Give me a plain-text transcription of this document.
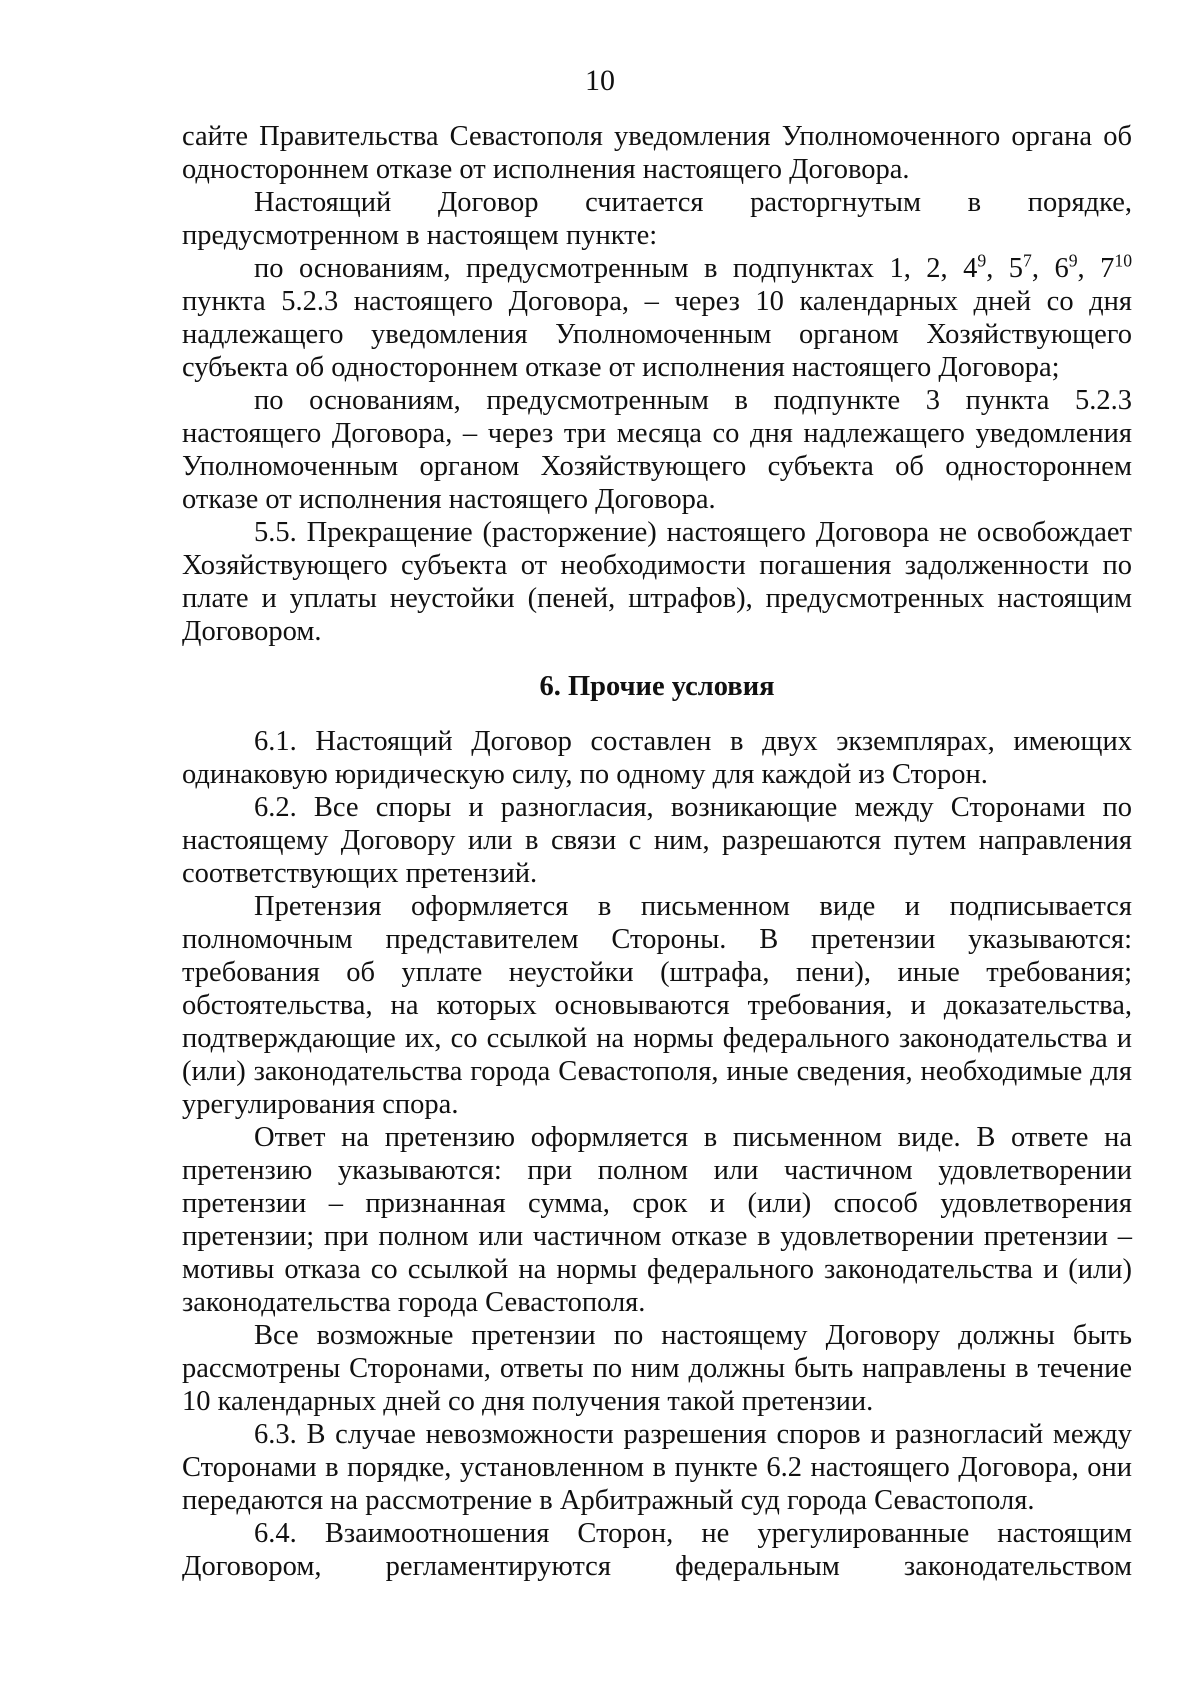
10

сайте Правительства Севастополя уведомления Уполномоченного органа об одностороннем отказе от исполнения настоящего Договора.

Настоящий Договор считается расторгнутым в порядке, предусмотренном в настоящем пункте:

по основаниям, предусмотренным в подпунктах 1, 2, $4^9$, $5^7$, $6^9$, $7^{10}$ пункта 5.2.3 настоящего Договора, – через 10 календарных дней со дня надлежащего уведомления Уполномоченным органом Хозяйствующего субъекта об одностороннем отказе от исполнения настоящего Договора;

по основаниям, предусмотренным в подпункте 3 пункта 5.2.3 настоящего Договора, – через три месяца со дня надлежащего уведомления Уполномоченным органом Хозяйствующего субъекта об одностороннем отказе от исполнения настоящего Договора.

5.5. Прекращение (расторжение) настоящего Договора не освобождает Хозяйствующего субъекта от необходимости погашения задолженности по плате и уплаты неустойки (пеней, штрафов), предусмотренных настоящим Договором.

6. Прочие условия

6.1. Настоящий Договор составлен в двух экземплярах, имеющих одинаковую юридическую силу, по одному для каждой из Сторон.

6.2. Все споры и разногласия, возникающие между Сторонами по настоящему Договору или в связи с ним, разрешаются путем направления соответствующих претензий.

Претензия оформляется в письменном виде и подписывается полномочным представителем Стороны. В претензии указываются: требования об уплате неустойки (штрафа, пени), иные требования; обстоятельства, на которых основываются требования, и доказательства, подтверждающие их, со ссылкой на нормы федерального законодательства и (или) законодательства города Севастополя, иные сведения, необходимые для урегулирования спора.

Ответ на претензию оформляется в письменном виде. В ответе на претензию указываются: при полном или частичном удовлетворении претензии – признанная сумма, срок и (или) способ удовлетворения претензии; при полном или частичном отказе в удовлетворении претензии – мотивы отказа со ссылкой на нормы федерального законодательства и (или) законодательства города Севастополя.

Все возможные претензии по настоящему Договору должны быть рассмотрены Сторонами, ответы по ним должны быть направлены в течение 10 календарных дней со дня получения такой претензии.

6.3. В случае невозможности разрешения споров и разногласий между Сторонами в порядке, установленном в пункте 6.2 настоящего Договора, они передаются на рассмотрение в Арбитражный суд города Севастополя.

6.4. Взаимоотношения Сторон, не урегулированные настоящим Договором, регламентируются федеральным законодательством
